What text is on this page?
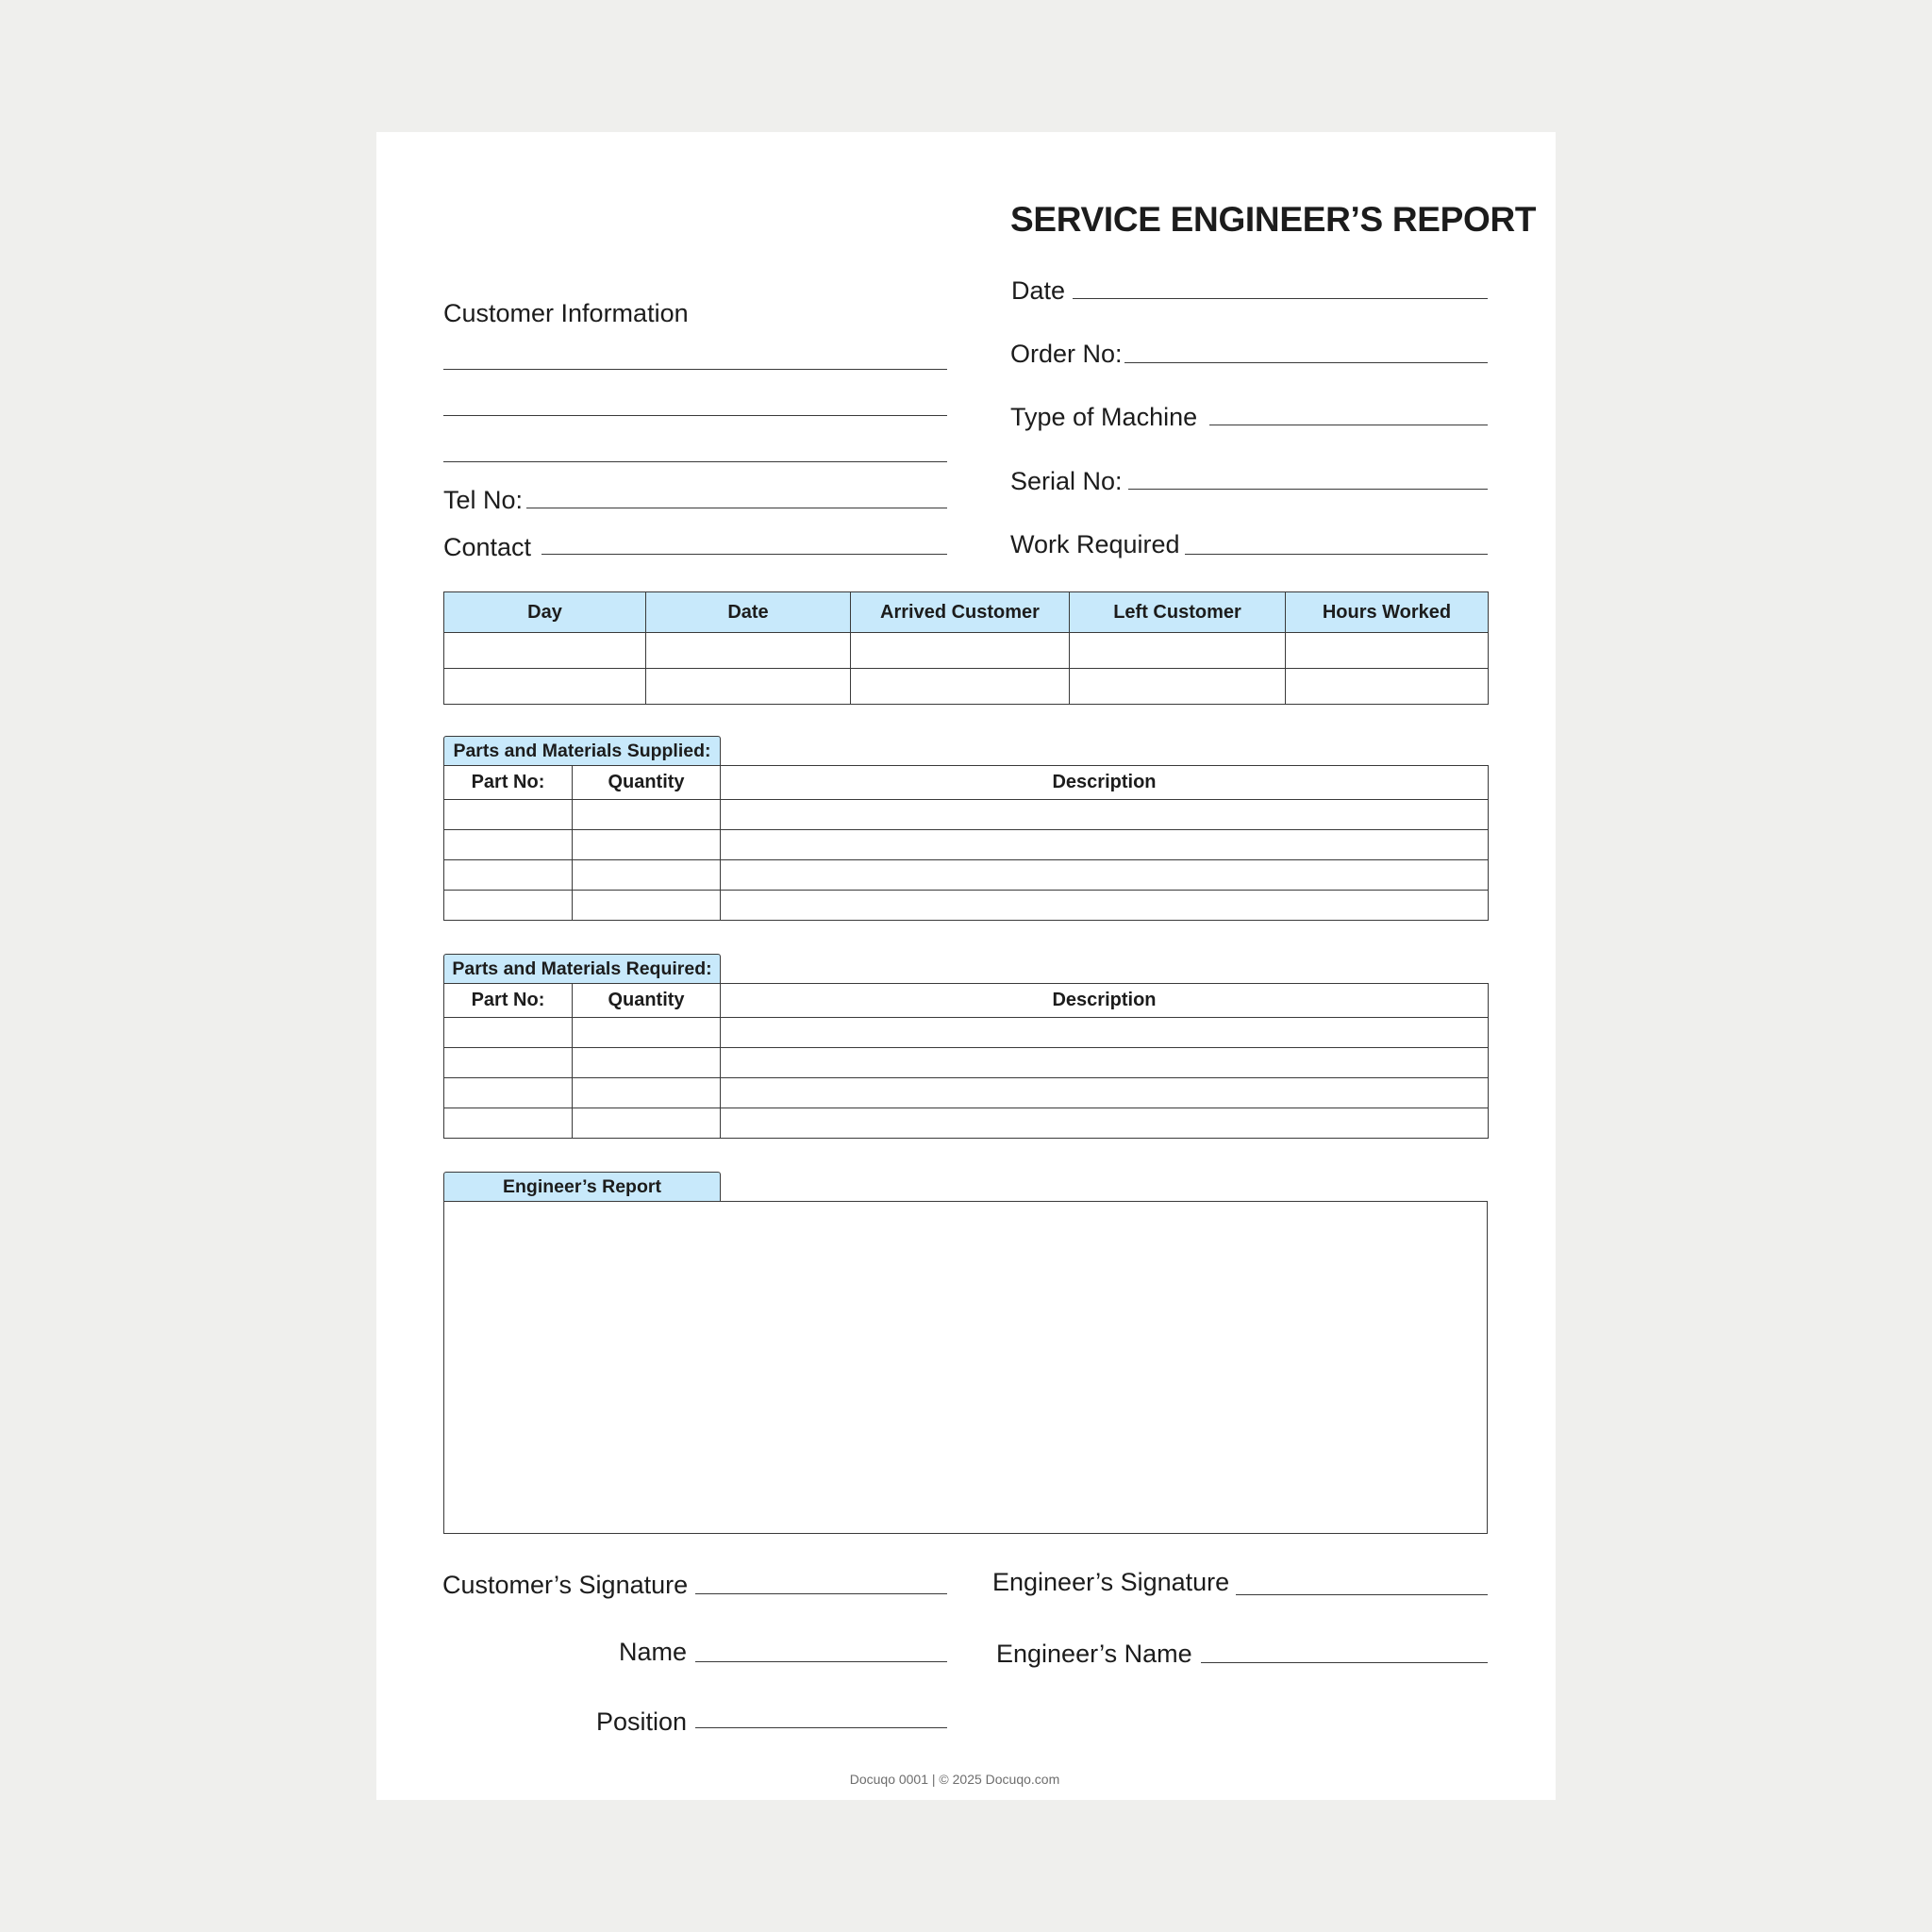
SERVICE ENGINEER’S REPORT
Customer Information
Tel No:
Contact
Date
Order No:
Type of Machine
Serial No:
Work Required
Day	Date	Arrived Customer	Left Customer	Hours Worked

Parts and Materials Supplied:
Part No:	Quantity	Description

Parts and Materials Required:
Part No:	Quantity	Description

Engineer’s Report
Customer’s Signature
Name
Position
Engineer’s Signature
Engineer’s Name
Docuqo 0001 | © 2025 Docuqo.com
